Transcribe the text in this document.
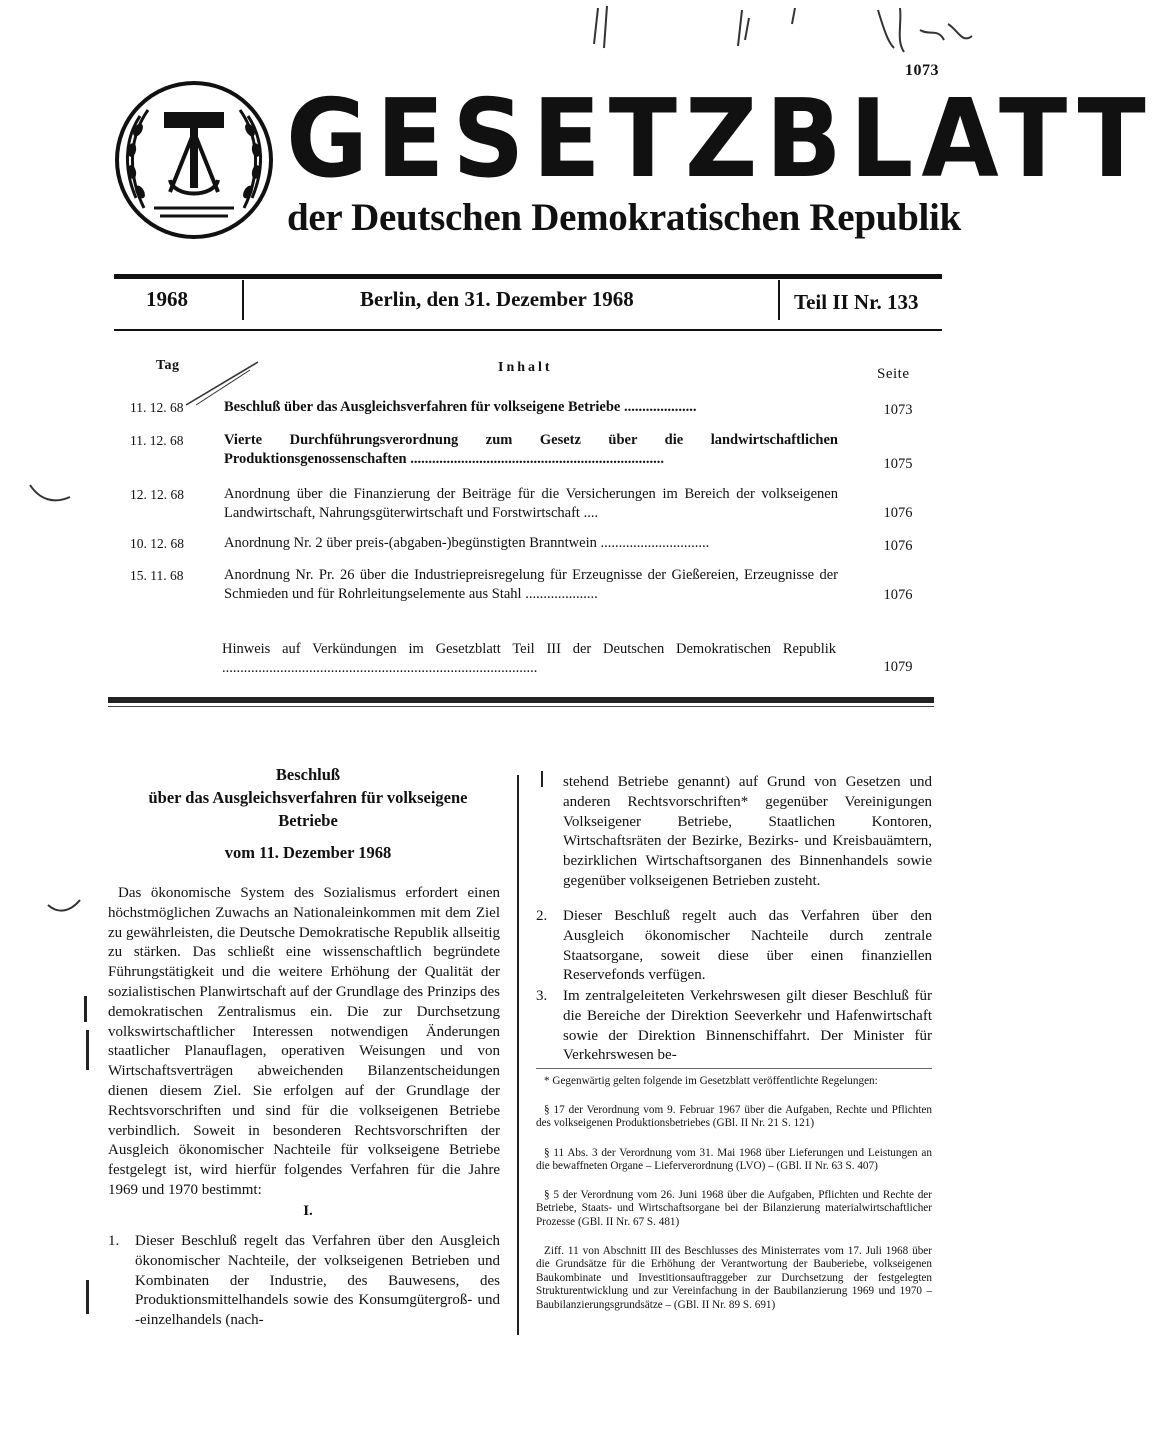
1073
GESETZBLATT
der Deutschen Demokratischen Republik
1968	Berlin, den 31. Dezember 1968	Teil II Nr. 133
Tag	Inhalt	Seite
11. 12. 68	Beschluß über das Ausgleichsverfahren für volkseigene Betriebe ....................	1073
11. 12. 68	Vierte Durchführungsverordnung zum Gesetz über die landwirtschaftlichen Produktionsgenossenschaften ......................................................................	1075
12. 12. 68	Anordnung über die Finanzierung der Beiträge für die Versicherungen im Bereich der volkseigenen Landwirtschaft, Nahrungsgüterwirtschaft und Forstwirtschaft ....	1076
10. 12. 68	Anordnung Nr. 2 über preis-(abgaben-)begünstigten Branntwein ..............................	1076
15. 11. 68	Anordnung Nr. Pr. 26 über die Industriepreisregelung für Erzeugnisse der Gießereien, Erzeugnisse der Schmieden und für Rohrleitungselemente aus Stahl ....................	1076
Hinweis auf Verkündungen im Gesetzblatt Teil III der Deutschen Demokratischen Republik .......................................................................................	1079
Beschluß
über das Ausgleichsverfahren für volkseigene
Betriebe
vom 11. Dezember 1968
Das ökonomische System des Sozialismus erfordert einen höchstmöglichen Zuwachs an Nationaleinkommen mit dem Ziel zu gewährleisten, die Deutsche Demokratische Republik allseitig zu stärken. Das schließt eine wissenschaftlich begründete Führungstätigkeit und die weitere Erhöhung der Qualität der sozialistischen Planwirtschaft auf der Grundlage des Prinzips des demokratischen Zentralismus ein. Die zur Durchsetzung volkswirtschaftlicher Interessen notwendigen Änderungen staatlicher Planauflagen, operativen Weisungen und von Wirtschaftsverträgen abweichenden Bilanzentscheidungen dienen diesem Ziel. Sie erfolgen auf der Grundlage der Rechtsvorschriften und sind für die volkseigenen Betriebe verbindlich. Soweit in besonderen Rechtsvorschriften der Ausgleich ökonomischer Nachteile für volkseigene Betriebe festgelegt ist, wird hierfür folgendes Verfahren für die Jahre 1969 und 1970 bestimmt:
I.
1. Dieser Beschluß regelt das Verfahren über den Ausgleich ökonomischer Nachteile, der volkseigenen Betrieben und Kombinaten der Industrie, des Bauwesens, des Produktionsmittelhandels sowie des Konsumgütergroß- und -einzelhandels (nach-
stehend Betriebe genannt) auf Grund von Gesetzen und anderen Rechtsvorschriften* gegenüber Vereinigungen Volkseigener Betriebe, Staatlichen Kontoren, Wirtschaftsräten der Bezirke, Bezirks- und Kreisbauämtern, bezirklichen Wirtschaftsorganen des Binnenhandels sowie gegenüber volkseigenen Betrieben zusteht.
2. Dieser Beschluß regelt auch das Verfahren über den Ausgleich ökonomischer Nachteile durch zentrale Staatsorgane, soweit diese über einen finanziellen Reservefonds verfügen.
3. Im zentralgeleiteten Verkehrswesen gilt dieser Beschluß für die Bereiche der Direktion Seeverkehr und Hafenwirtschaft sowie der Direktion Binnenschiffahrt. Der Minister für Verkehrswesen be-
* Gegenwärtig gelten folgende im Gesetzblatt veröffentlichte Regelungen:
§ 17 der Verordnung vom 9. Februar 1967 über die Aufgaben, Rechte und Pflichten des volkseigenen Produktionsbetriebes (GBl. II Nr. 21 S. 121)
§ 11 Abs. 3 der Verordnung vom 31. Mai 1968 über Lieferungen und Leistungen an die bewaffneten Organe – Lieferverordnung (LVO) – (GBl. II Nr. 63 S. 407)
§ 5 der Verordnung vom 26. Juni 1968 über die Aufgaben, Pflichten und Rechte der Betriebe, Staats- und Wirtschaftsorgane bei der Bilanzierung materialwirtschaftlicher Prozesse (GBl. II Nr. 67 S. 481)
Ziff. 11 von Abschnitt III des Beschlusses des Ministerrates vom 17. Juli 1968 über die Grundsätze für die Erhöhung der Verantwortung der Bauberiebe, volkseigenen Baukombinate und Investitionsauftraggeber zur Durchsetzung der festgelegten Strukturentwicklung und zur Vereinfachung in der Baubilanzierung 1969 und 1970 – Baubilanzierungsgrundsätze – (GBl. II Nr. 89 S. 691)
